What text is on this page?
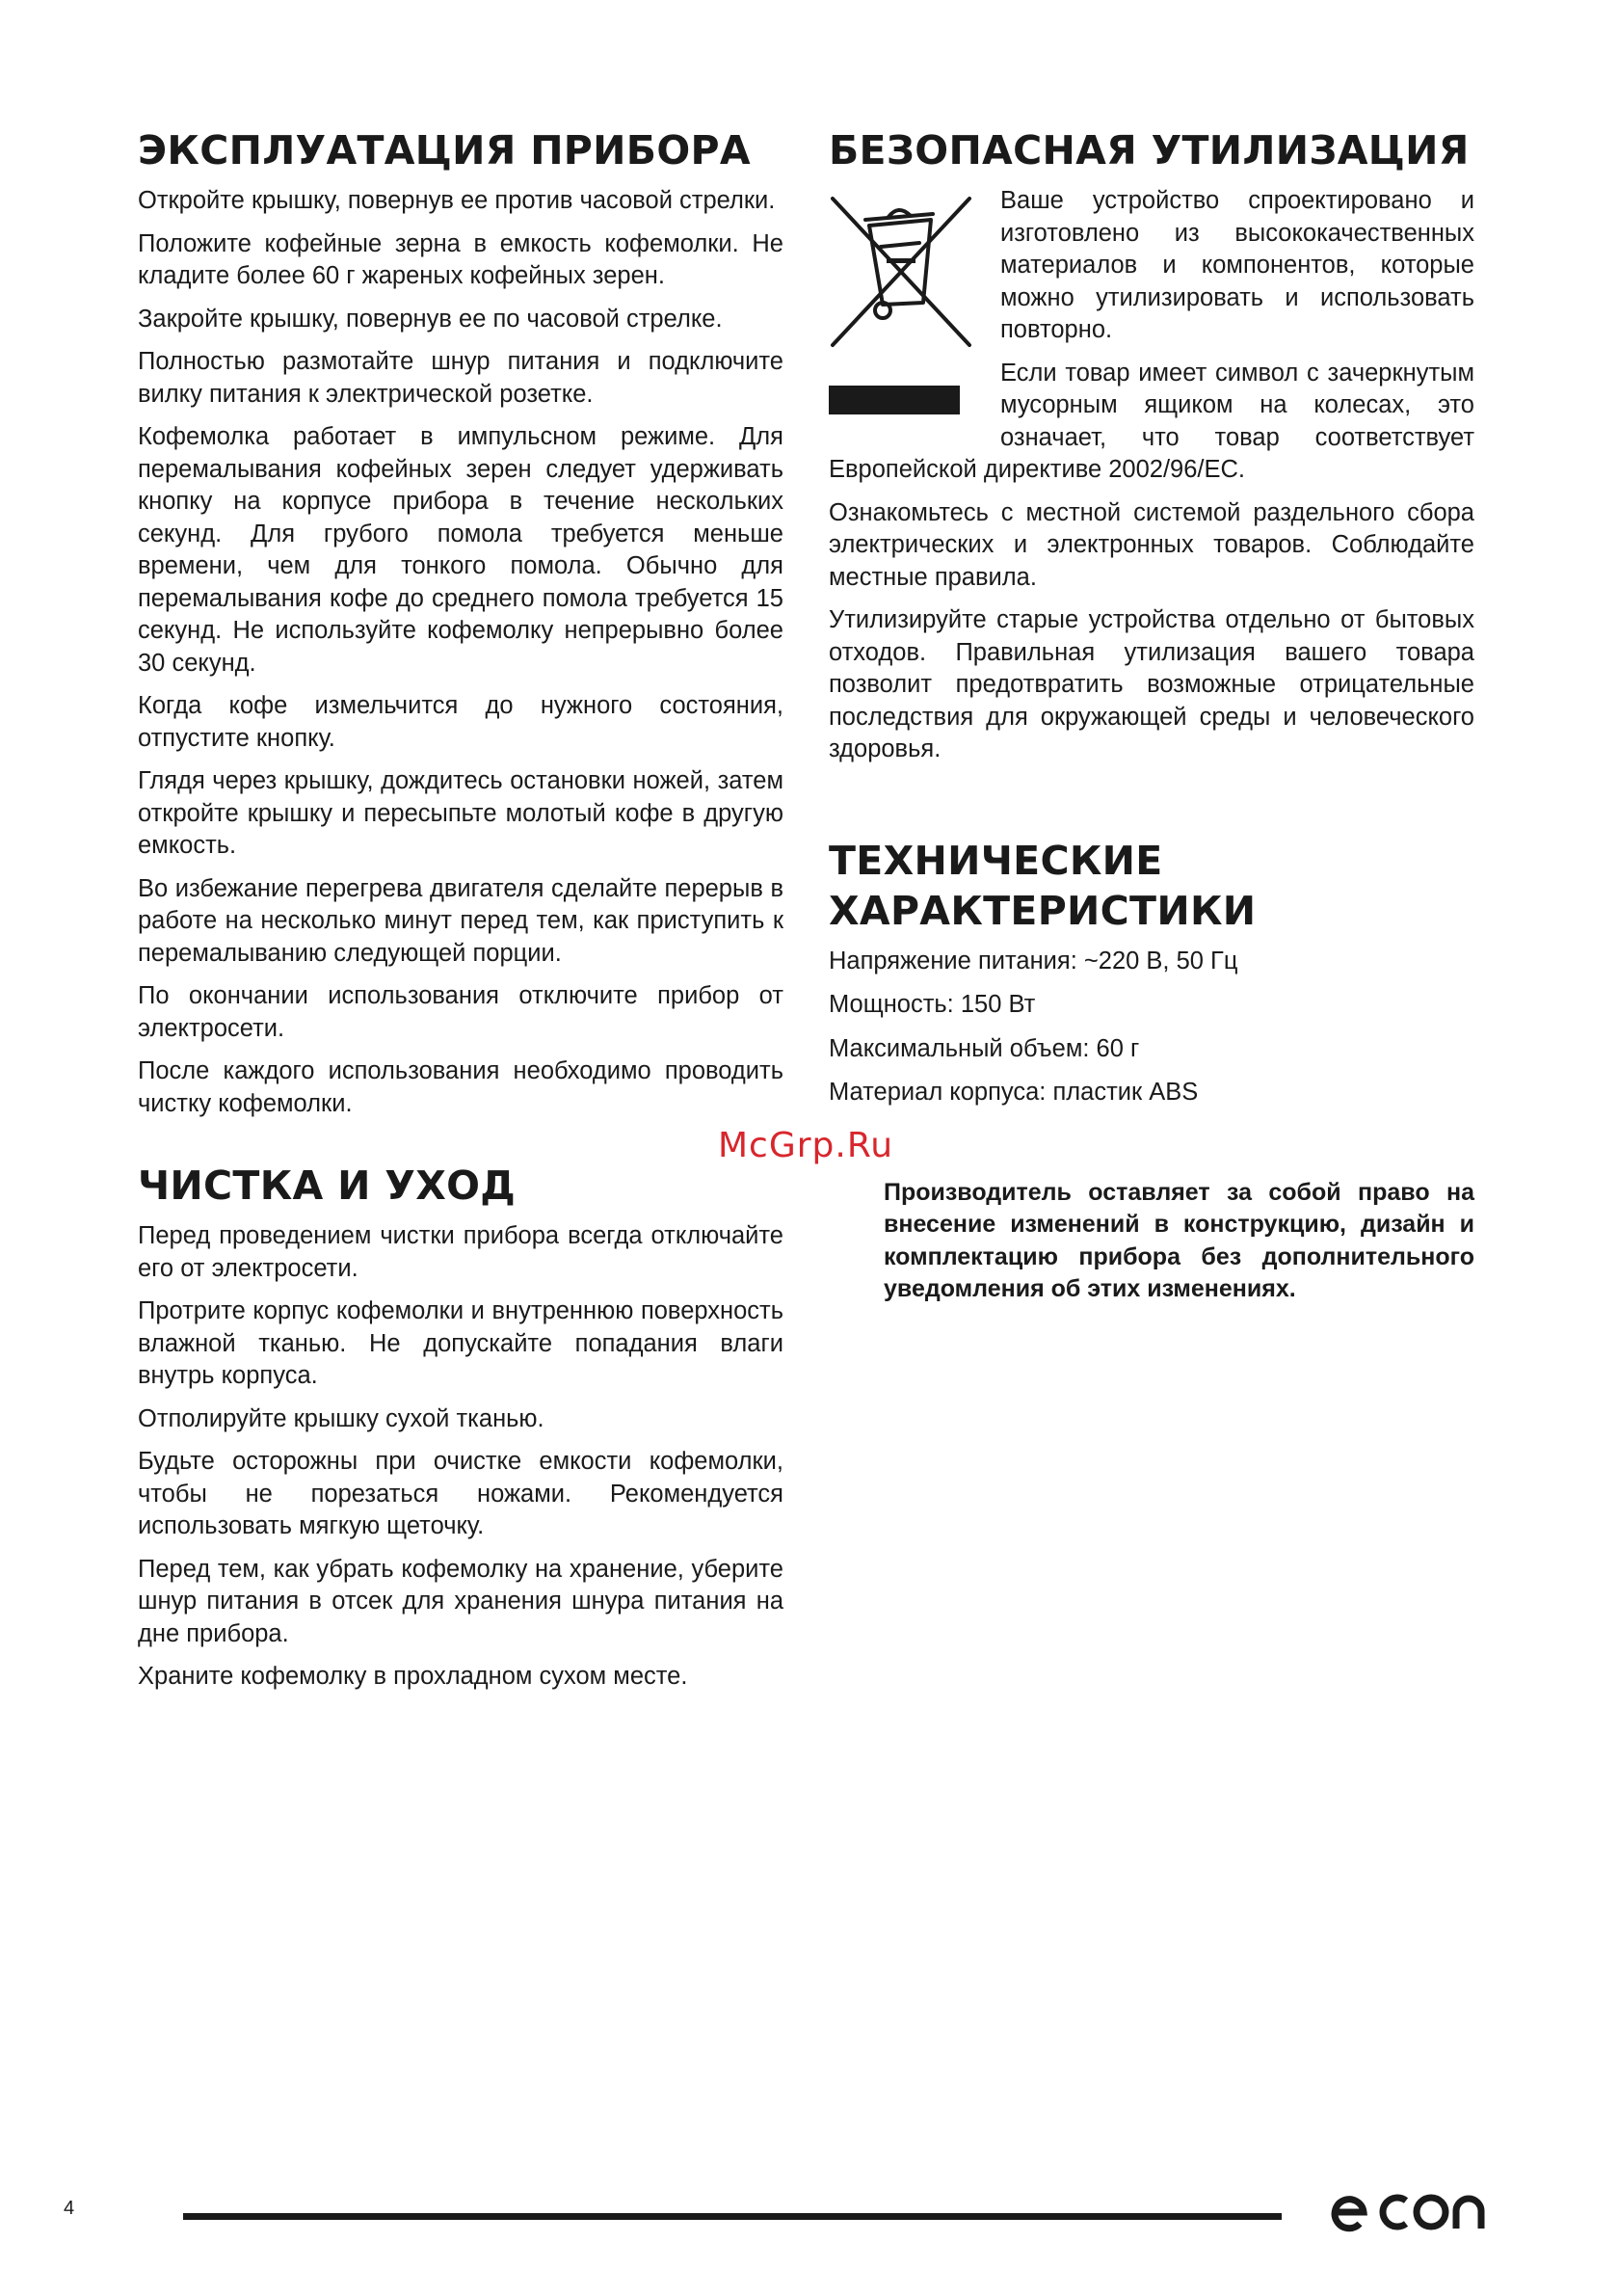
ЭКСПЛУАТАЦИЯ ПРИБОРА

Откройте крышку, повернув ее против часовой стрелки.

Положите кофейные зерна в емкость кофемолки. Не кладите более 60 г жареных кофейных зерен.

Закройте крышку, повернув ее по часовой стрелке.

Полностью размотайте шнур питания и подключите вилку питания к электрической розетке.

Кофемолка работает в импульсном режиме. Для перемалывания кофейных зерен следует удерживать кнопку на корпусе прибора в течение нескольких секунд. Для грубого помола требуется меньше времени, чем для тонкого помола. Обычно для перемалывания кофе до среднего помола требуется 15 секунд. Не используйте кофемолку непрерывно более 30 секунд.

Когда кофе измельчится до нужного состояния, отпустите кнопку.

Глядя через крышку, дождитесь остановки ножей, затем откройте крышку и пересыпьте молотый кофе в другую емкость.

Во избежание перегрева двигателя сделайте перерыв в работе на несколько минут перед тем, как приступить к перемалыванию следующей порции.

По окончании использования отключите прибор от электросети.

После каждого использования необходимо проводить чистку кофемолки.

ЧИСТКА И УХОД

Перед проведением чистки прибора всегда отключайте его от электросети.

Протрите корпус кофемолки и внутреннюю поверхность влажной тканью. Не допускайте попадания влаги внутрь корпуса.

Отполируйте крышку сухой тканью.

Будьте осторожны при очистке емкости кофемолки, чтобы не порезаться ножами. Рекомендуется использовать мягкую щеточку.

Перед тем, как убрать кофемолку на хранение, уберите шнур питания в отсек для хранения шнура питания на дне прибора.

Храните кофемолку в прохладном сухом месте.

БЕЗОПАСНАЯ УТИЛИЗАЦИЯ

Ваше устройство спроектировано и изготовлено из высококачественных материалов и компонентов, которые можно утилизировать и использовать повторно.

Если товар имеет символ с зачеркнутым мусорным ящиком на колесах, это означает, что товар соответствует Европейской директиве 2002/96/EC.

Ознакомьтесь с местной системой раздельного сбора электрических и электронных товаров. Соблюдайте местные правила.

Утилизируйте старые устройства отдельно от бытовых отходов. Правильная утилизация вашего товара позволит предотвратить возможные отрицательные последствия для окружающей среды и человеческого здоровья.

ТЕХНИЧЕСКИЕ ХАРАКТЕРИСТИКИ

Напряжение питания: ~220 В, 50 Гц

Мощность: 150 Вт

Максимальный объем: 60 г

Материал корпуса: пластик ABS

Производитель оставляет за собой право на внесение изменений в конструкцию, дизайн и комплектацию прибора без дополнительного уведомления об этих изменениях.
McGrp.Ru
4
